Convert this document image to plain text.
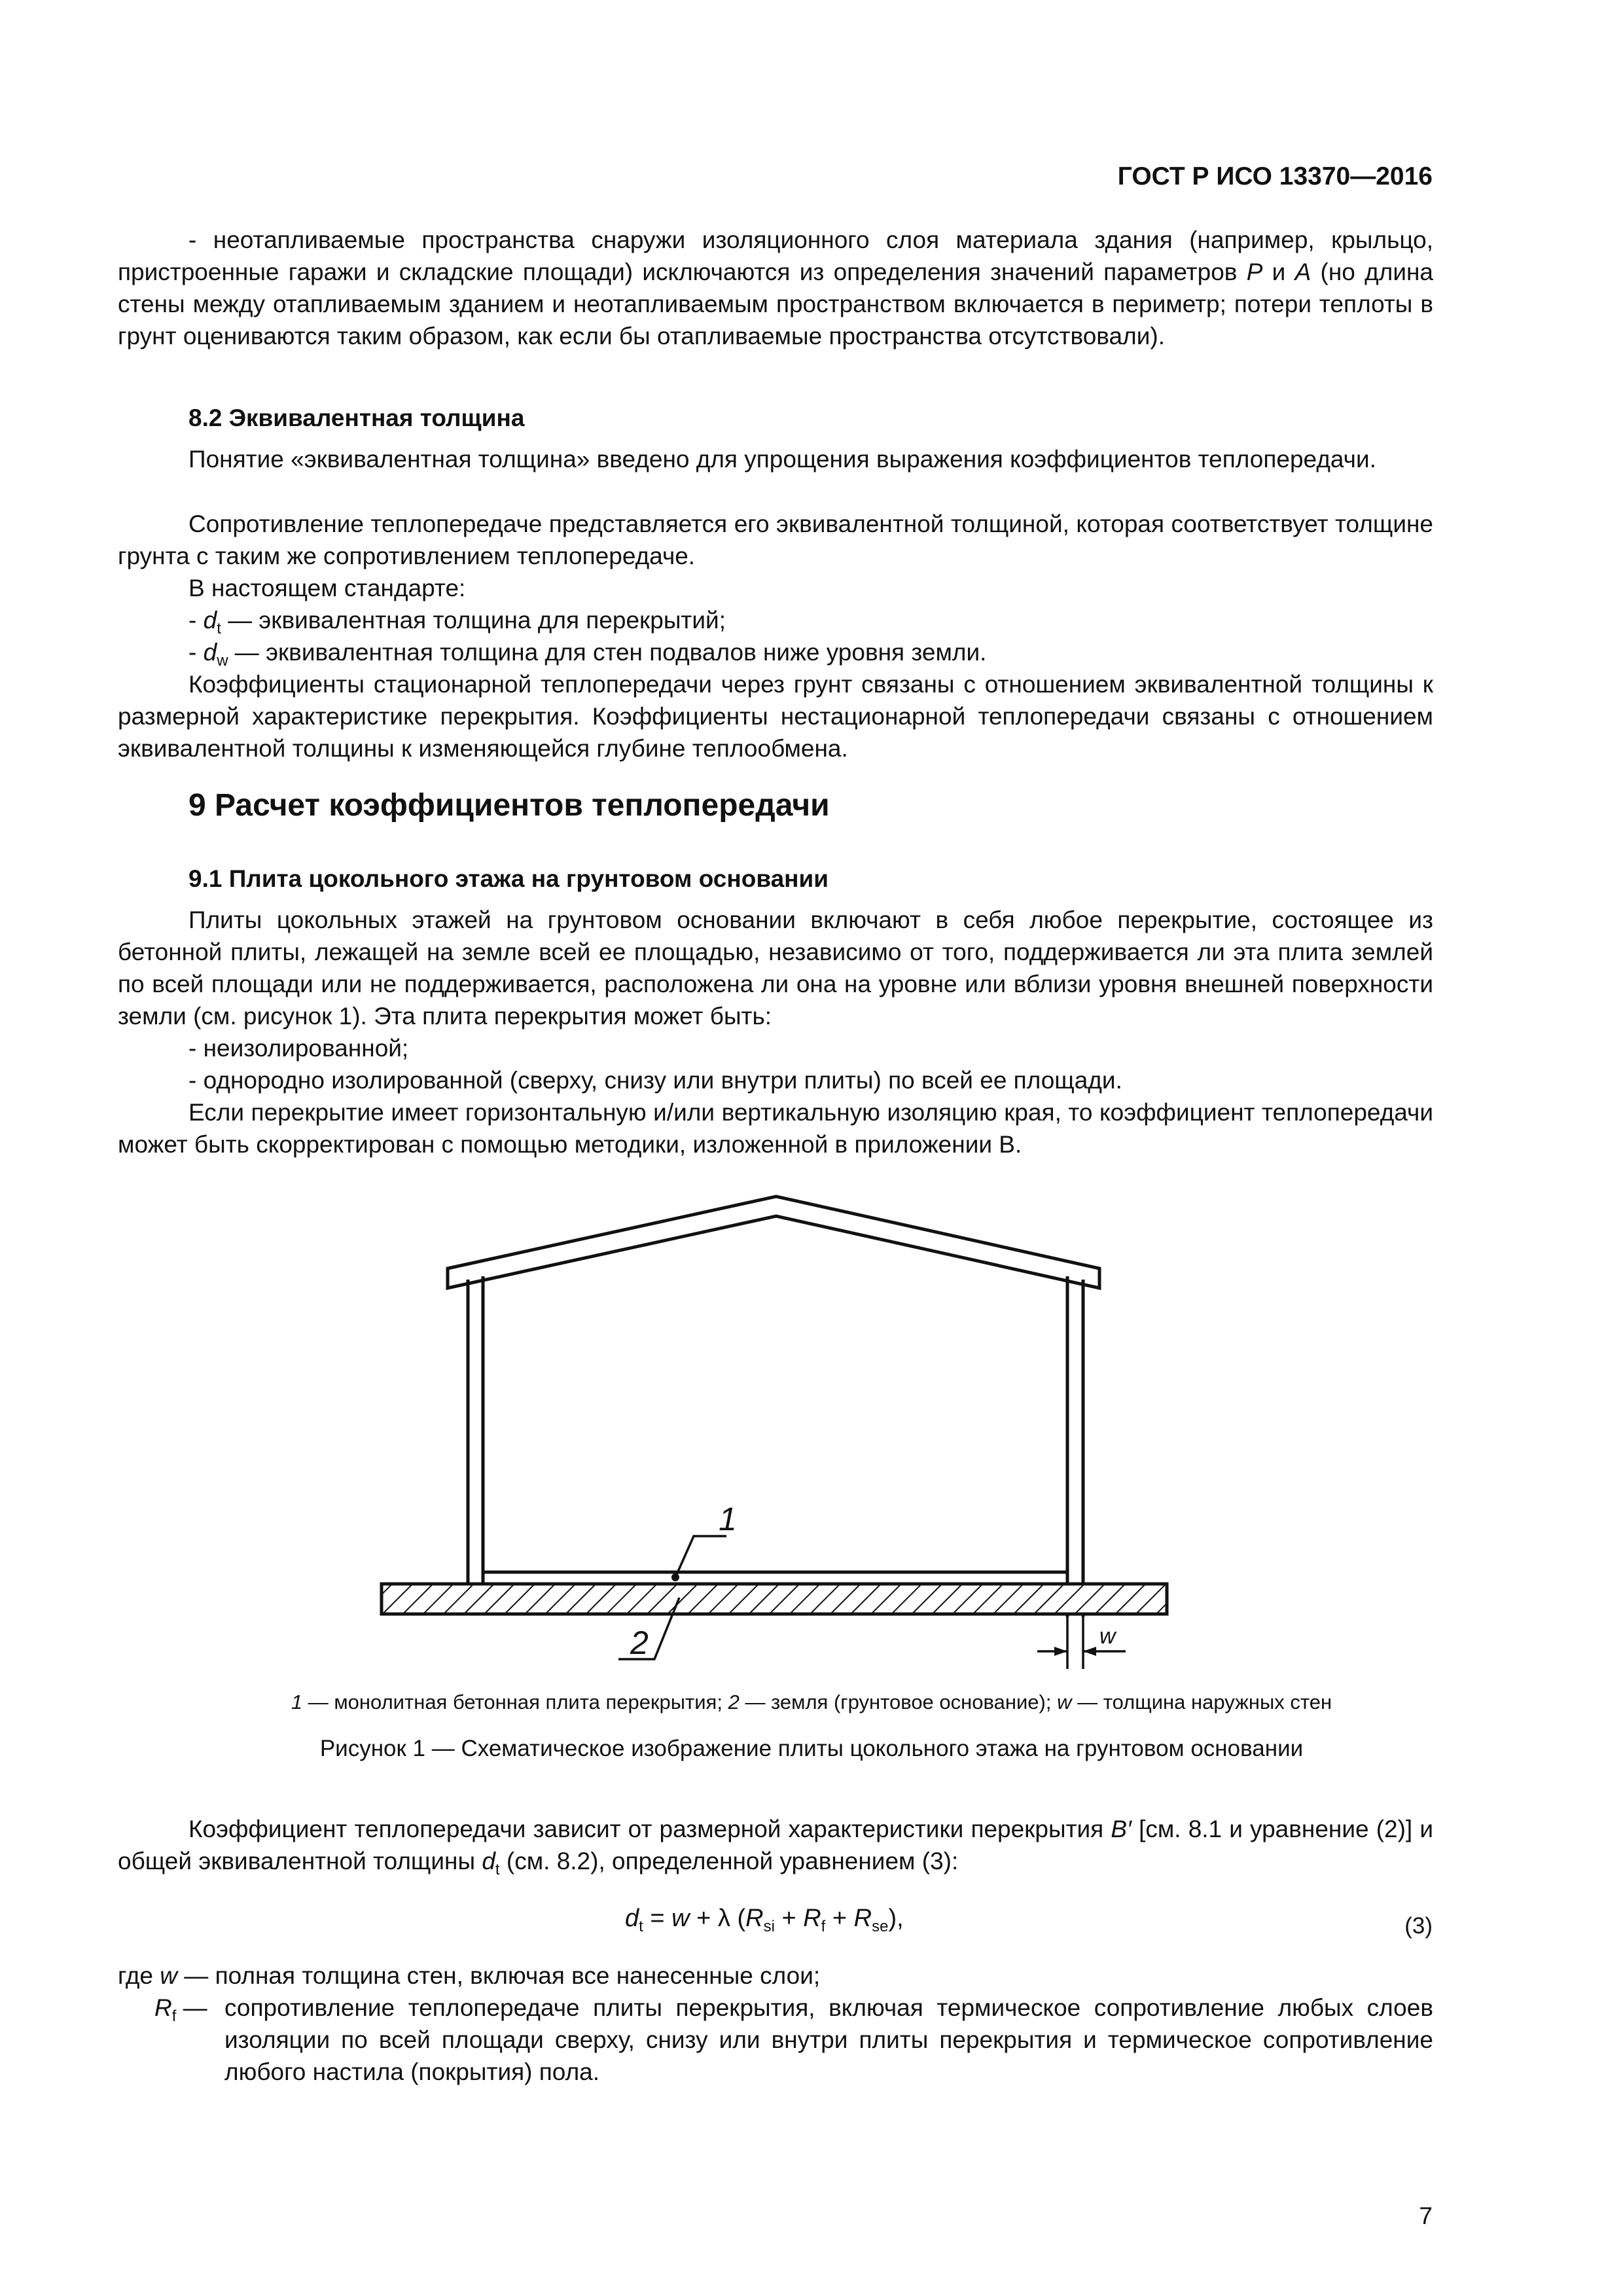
ГОСТ Р ИСО 13370—2016
- неотапливаемые пространства снаружи изоляционного слоя материала здания (например, крыльцо, пристроенные гаражи и складские площади) исключаются из определения значений параметров P и A (но длина стены между отапливаемым зданием и неотапливаемым пространством включается в периметр; потери теплоты в грунт оцениваются таким образом, как если бы отапливаемые пространства отсутствовали).
8.2 Эквивалентная толщина
Понятие «эквивалентная толщина» введено для упрощения выражения коэффициентов теплопередачи.
Сопротивление теплопередаче представляется его эквивалентной толщиной, которая соответствует толщине грунта с таким же сопротивлением теплопередаче.
В настоящем стандарте:
- $d_t$ — эквивалентная толщина для перекрытий;
- $d_w$ — эквивалентная толщина для стен подвалов ниже уровня земли.
Коэффициенты стационарной теплопередачи через грунт связаны с отношением эквивалентной толщины к размерной характеристике перекрытия. Коэффициенты нестационарной теплопередачи связаны с отношением эквивалентной толщины к изменяющейся глубине теплообмена.
9 Расчет коэффициентов теплопередачи
9.1 Плита цокольного этажа на грунтовом основании
Плиты цокольных этажей на грунтовом основании включают в себя любое перекрытие, состоящее из бетонной плиты, лежащей на земле всей ее площадью, независимо от того, поддерживается ли эта плита землей по всей площади или не поддерживается, расположена ли она на уровне или вблизи уровня внешней поверхности земли (см. рисунок 1). Эта плита перекрытия может быть:
- неизолированной;
- однородно изолированной (сверху, снизу или внутри плиты) по всей ее площади.
Если перекрытие имеет горизонтальную и/или вертикальную изоляцию края, то коэффициент теплопередачи может быть скорректирован с помощью методики, изложенной в приложении В.
1
2	w
1 — монолитная бетонная плита перекрытия; 2 — земля (грунтовое основание); w — толщина наружных стен
Рисунок 1 — Схематическое изображение плиты цокольного этажа на грунтовом основании
Коэффициент теплопередачи зависит от размерной характеристики перекрытия B′ [см. 8.1 и уравнение (2)] и общей эквивалентной толщины $d_t$ (см. 8.2), определенной уравнением (3):
$d_t = w + \lambda$ $(R_{si} + R_f + R_{se})$,	(3)
где w — полная толщина стен, включая все нанесенные слои;
$R_f$ — сопротивление теплопередаче плиты перекрытия, включая термическое сопротивление любых слоев изоляции по всей площади сверху, снизу или внутри плиты перекрытия и термическое сопротивление любого настила (покрытия) пола.
7
